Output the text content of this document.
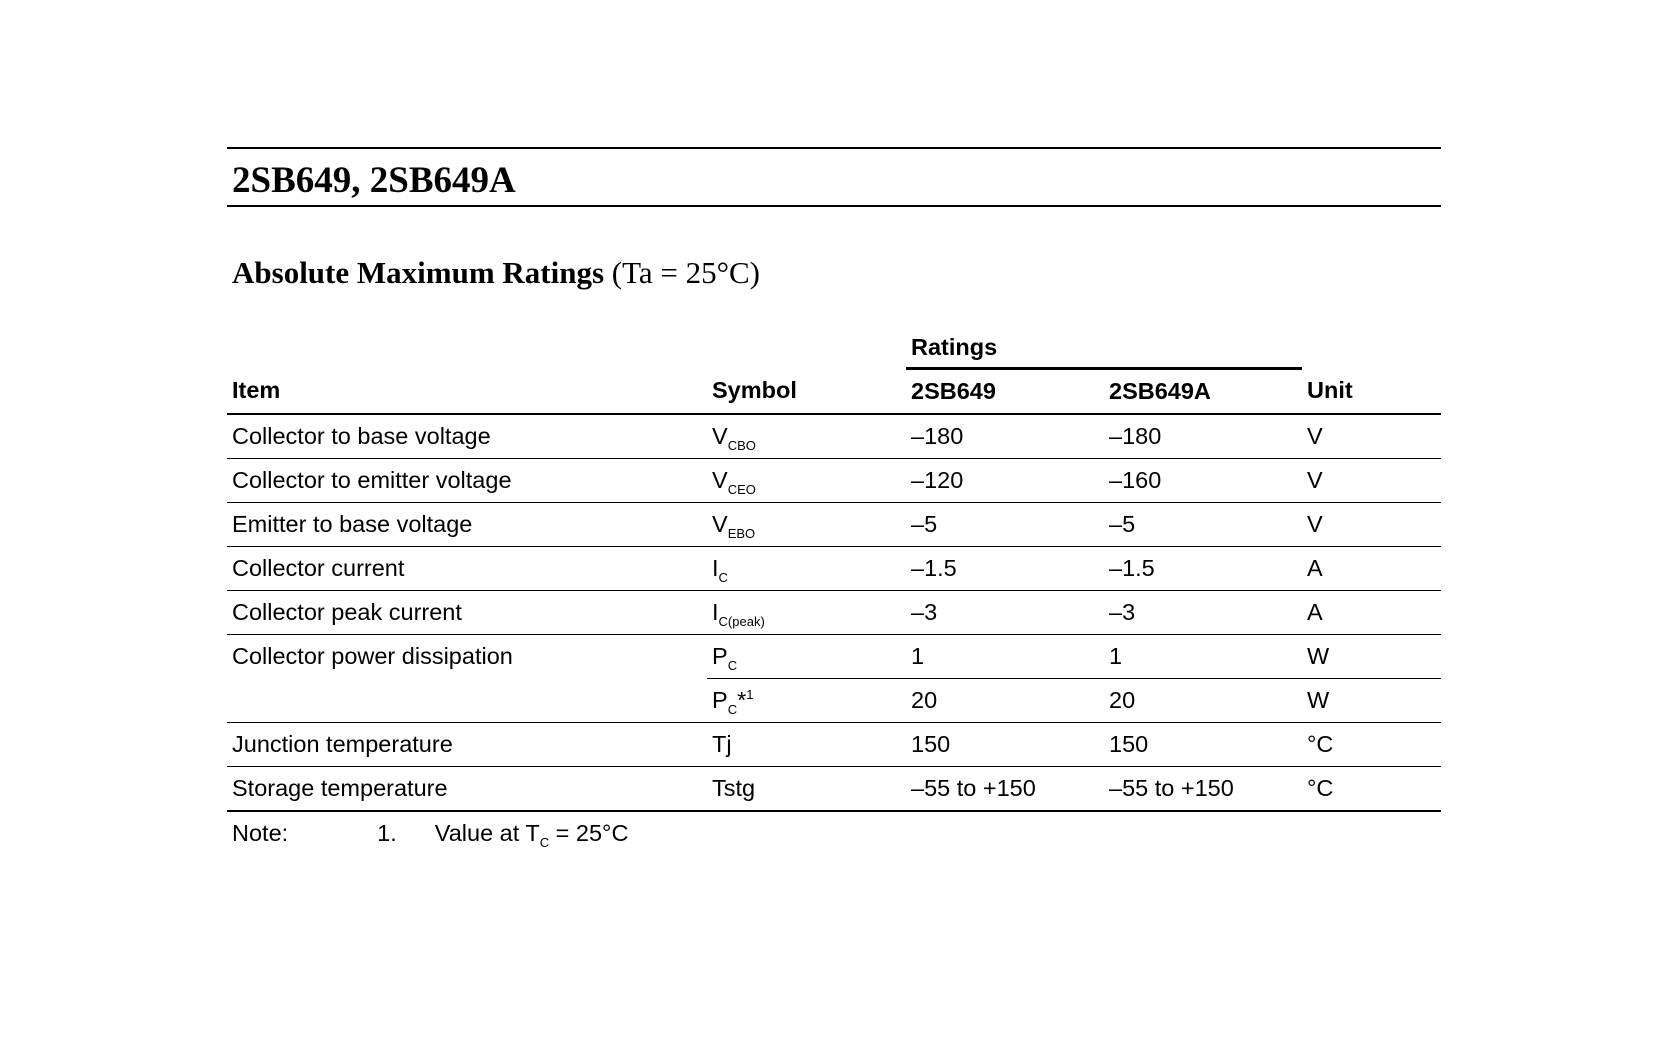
2SB649, 2SB649A
Absolute Maximum Ratings (Ta = 25°C)
		Ratings		
Item	Symbol	2SB649	2SB649A	Unit
Collector to base voltage	$V_{CBO}$	–180	–180	V
Collector to emitter voltage	$V_{CEO}$	–120	–160	V
Emitter to base voltage	$V_{EBO}$	–5	–5	V
Collector current	$I_C$	–1.5	–1.5	A
Collector peak current	$I_{C(peak)}$	–3	–3	A
Collector power dissipation	$P_C$	1	1	W
	$P_C*^1$	20	20	W
Junction temperature	Tj	150	150	°C
Storage temperature	Tstg	–55 to +150	–55 to +150	°C
Note:	1. Value at $T_C = 25^\circ C$
